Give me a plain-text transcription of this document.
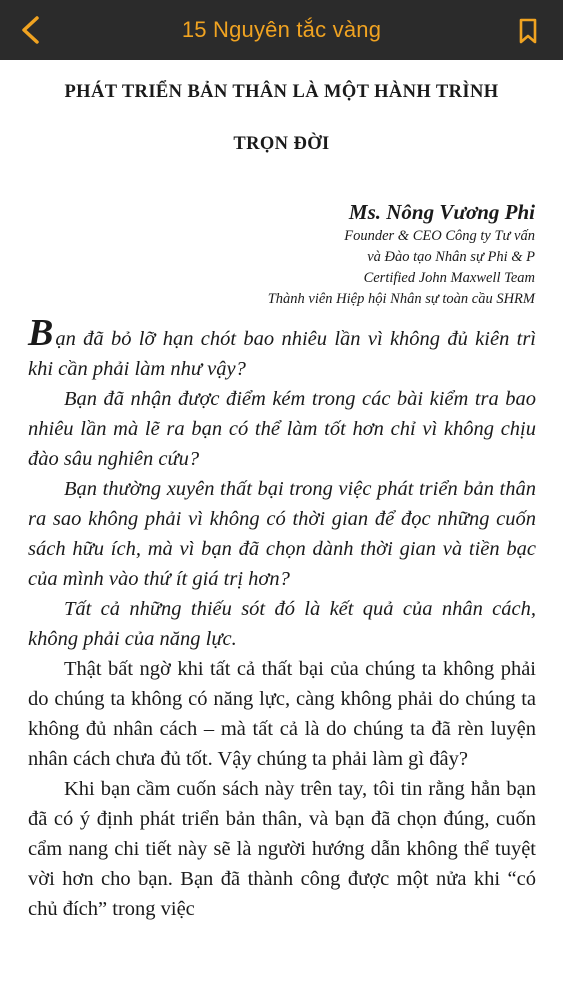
15 Nguyên tắc vàng
PHÁT TRIỂN BẢN THÂN LÀ MỘT HÀNH TRÌNH
TRỌN ĐỜI
Ms. Nông Vương Phi
Founder & CEO Công ty Tư vấn
và Đào tạo Nhân sự Phi & P
Certified John Maxwell Team
Thành viên Hiệp hội Nhân sự toàn cầu SHRM

Bạn đã bỏ lỡ hạn chót bao nhiêu lần vì không đủ kiên trì khi cần phải làm như vậy?

Bạn đã nhận được điểm kém trong các bài kiểm tra bao nhiêu lần mà lẽ ra bạn có thể làm tốt hơn chỉ vì không chịu đào sâu nghiên cứu?

Bạn thường xuyên thất bại trong việc phát triển bản thân ra sao không phải vì không có thời gian để đọc những cuốn sách hữu ích, mà vì bạn đã chọn dành thời gian và tiền bạc của mình vào thứ ít giá trị hơn?

Tất cả những thiếu sót đó là kết quả của nhân cách, không phải của năng lực.

Thật bất ngờ khi tất cả thất bại của chúng ta không phải do chúng ta không có năng lực, càng không phải do chúng ta không đủ nhân cách – mà tất cả là do chúng ta đã rèn luyện nhân cách chưa đủ tốt. Vậy chúng ta phải làm gì đây?

Khi bạn cầm cuốn sách này trên tay, tôi tin rằng hẳn bạn đã có ý định phát triển bản thân, và bạn đã chọn đúng, cuốn cẩm nang chi tiết này sẽ là người hướng dẫn không thể tuyệt vời hơn cho bạn. Bạn đã thành công được một nửa khi “có chủ đích” trong việc
